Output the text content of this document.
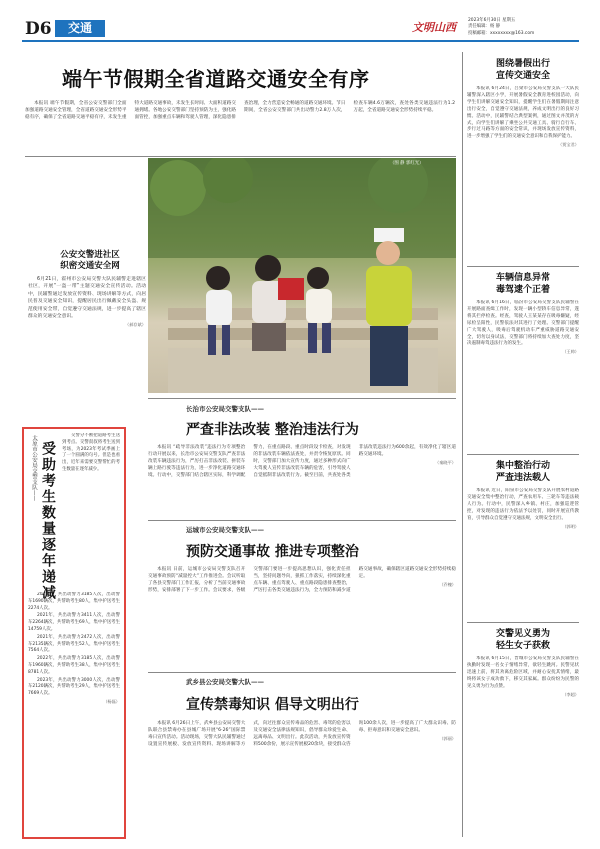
D6	交通	文明山西
2023年6月30日 星期五
责任编辑：杨 静
投稿邮箱：xxxxxxxx@163.com
端午节假期全省道路交通安全有序

本报讯 端午节假期，全省公安交警部门全面加强道路交通安全管理，全省道路交通安全形势平稳有序，确保了全省道路交通平稳有序，未发生重特大道路交通事故，未发生长时间、大面积道路交通拥堵。各地公安交警部门坚持预防为主，强化路面管控，加强重点车辆和驾驶人管理，深化隐患排查治理，全力营造安全畅通的道路交通环境。节日期间，全省公安交警部门共出动警力2.8万人次，检查车辆4.6万辆次，查处各类交通违法行为1.2万起，全省道路交通安全形势持续平稳。

（图 静 郭红光）
公安交警进社区
织密交通安全网

6月21日，霍州市公安局交警大队民辅警走进辖区社区，开展“一盔一带”主题交通安全宣传活动。活动中，民辅警通过发放宣传资料、现场讲解等方式，向居民普及交通安全知识，提醒居民出行佩戴安全头盔、规范使用安全带，自觉遵守交通法规，进一步提高了辖区群众的交通安全意识。

（郝存斌）
太原市公安局交警支队—— 受助考生数量逐年递减

交警分不断把道路考生送到考点。交警叔叔将考生送到考场，为2023年考试季画上了一个圆满的句号。但是也看出，近年来需要交警帮忙的考生数量在逐年减少。

2019年，共出动警力3185人次，出动警车1690辆次，共帮助考生80人，集中护送考生2274人次。

2021年，共出动警力3411人次，出动警车2264辆次，共帮助考生69人，集中护送考生14759人次。

2021年，共出动警力2472人次，出动警车2135辆次，共帮助考生52人，集中护送考生7564人次。

2022年，共出动警力3185人次，出动警车1960辆次，共帮助考生38人，集中护送考生8781人次。

2023年，共出动警力3000人次，出动警车2120辆次，共帮助考生29人，集中护送考生7669人次。

（杨磊）
长治市公安局交警支队——
严查非法改装 整治违法行为

本报讯 “疏导非法改装”违法行为专项整治行动开展以来，长治市公安局交警支队严查非法改装车辆违法行为，严厉打击非法改装、拼装车辆上路行驶等违法行为，进一步净化道路交通环境。行动中，交警部门结合辖区实际，科学调配警力，在重点路段、重点时段设卡检查，对发现的非法改装车辆依法查处，并责令恢复原状。同时，交警部门加大宣传力度，通过多种形式向广大驾驶人宣传非法改装车辆的危害，引导驾驶人自觉抵制非法改装行为。截至目前，共查处各类非法改装违法行为600余起，有效净化了辖区道路交通环境。

（秦晓平）
运城市公安局交警支队——
预防交通事故 推进专项整治

本报讯 日前，运城市公安局交警支队召开交通事故预防“减量控大”工作推进会。会议听取了各县交警部门工作汇报，分析了当前交通事故形势，安排部署了下一步工作。会议要求，各级交警部门要进一步提高思想认识，强化责任担当，坚持问题导向，狠抓工作落实，持续深化重点车辆、重点驾驶人、重点路段隐患排查整治，严厉打击各类交通违法行为，全力预防和减少道路交通事故，确保辖区道路交通安全形势持续稳定。

（乔槐）
武乡县公安局交警大队——
宣传禁毒知识 倡导文明出行

本报讯 6月26日上午，武乡县公安局交警大队联合县禁毒办在县城广场开展“6·26”国际禁毒日宣传活动。活动现场，交警大队民辅警通过设置宣传展板、发放宣传资料、现场讲解等方式，向过往群众宣传毒品的危害、毒驾的危害以及交通安全法律法规知识，倡导群众珍爱生命、远离毒品、文明出行。此次活动，共发放宣传资料500余份，展示宣传展板20余块，接受群众咨询100余人次，进一步提高了广大群众识毒、防毒、拒毒意识和交通安全意识。

（郭丽）
图绕暑假出行
宣传交通安全

本报讯 6月24日，吕梁市公安局交警支队一大队民辅警深入辖区小学，开展暑假安全教育进校园活动，向学生们讲解交通安全知识，提醒学生们在暑假期间注意出行安全，自觉遵守交通法规，养成文明出行的良好习惯。活动中，民辅警结合典型案例，通过图文并茂的方式，向学生们讲解了乘坐公共交通工具、骑行自行车、步行过马路等方面的安全常识，并现场发放宣传资料，进一步增强了学生们的交通安全意识和自我保护能力。

（贾宝君）
车辆信息异常
毒驾逮个正着

本报讯 6月16日，临汾市公安局交警支队民辅警在开展路面查缉工作时，发现一辆小型轿车信息异常，遂将其拦停检查。经查，驾驶人王某某存在吸毒嫌疑，经尿检呈阳性，民警依法对其进行了处理。交警部门提醒广大驾驶人，吸毒后驾驶机动车严重威胁道路交通安全，切勿以身试法，交警部门将持续加大查处力度，坚决遏制毒驾违法行为的发生。

（王帅）
集中整治行动
严查违法载人

本报讯 近日，阳泉市公安局交警支队开展农村道路交通安全集中整治行动，严查农用车、三轮车等违法载人行为。行动中，民警深入乡镇、村庄，加强巡逻管控，对发现的违法行为依法予以处罚，同时开展宣传教育，引导群众自觉遵守交通法规，文明安全出行。

（郭明）
交警见义勇为
轻生女子获救

本报讯 6月15日，晋城市公安局交警支队民辅警在执勤时发现一名女子情绪异常，欲轻生跳河。民警见状迅速上前，将其劝离危险区域，并耐心安抚其情绪，最终将该女子成功救下，移交其家属。群众纷纷为民警的见义勇为行为点赞。

（李超）
